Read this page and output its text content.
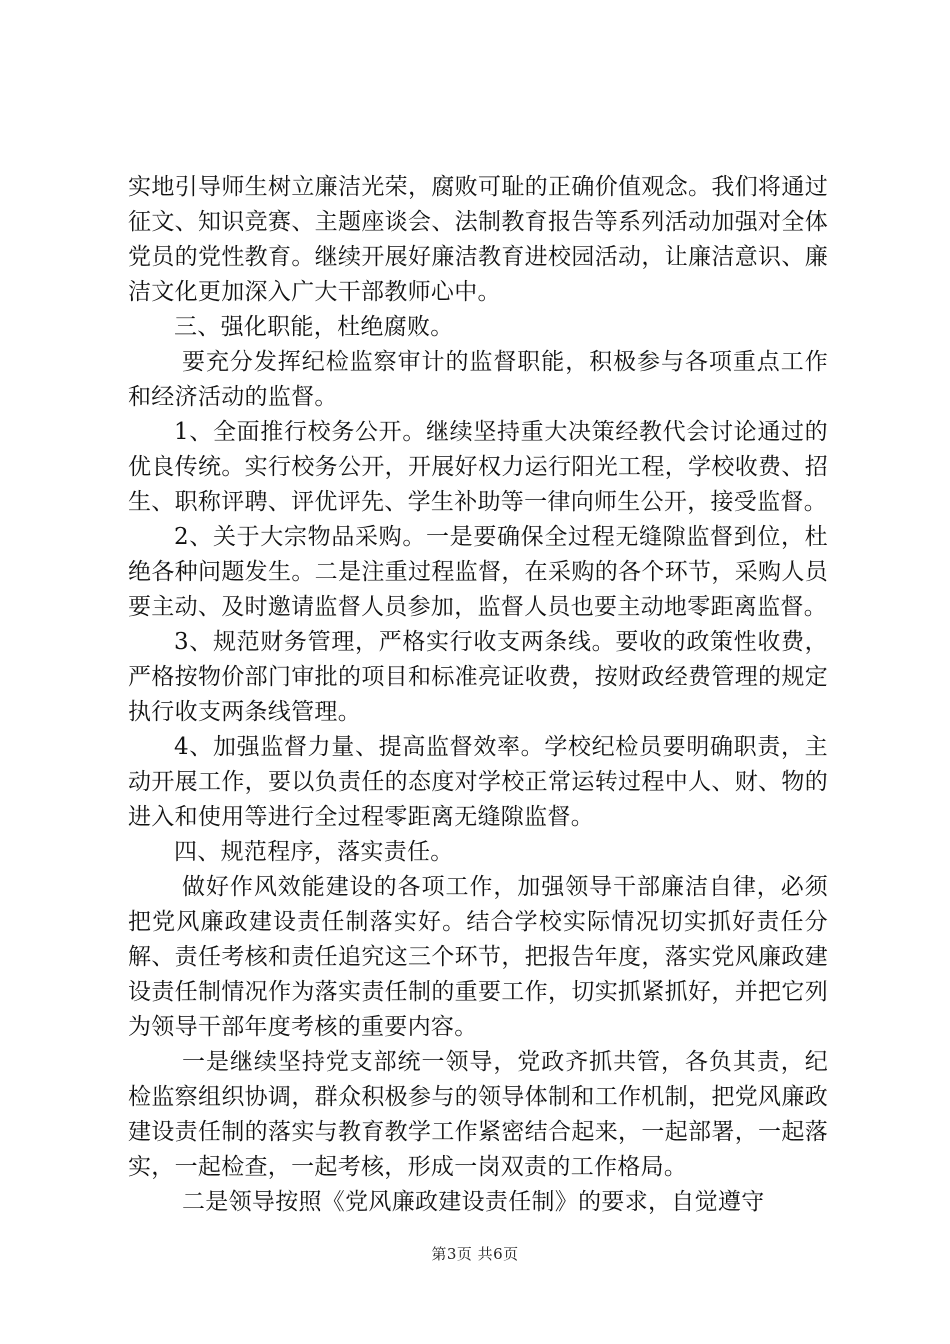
实地引导师生树立廉洁光荣，腐败可耻的正确价值观念。我们将通过征文、知识竞赛、主题座谈会、法制教育报告等系列活动加强对全体党员的党性教育。继续开展好廉洁教育进校园活动，让廉洁意识、廉洁文化更加深入广大干部教师心中。

三、强化职能，杜绝腐败。

要充分发挥纪检监察审计的监督职能，积极参与各项重点工作和经济活动的监督。

1、全面推行校务公开。继续坚持重大决策经教代会讨论通过的优良传统。实行校务公开，开展好权力运行阳光工程，学校收费、招生、职称评聘、评优评先、学生补助等一律向师生公开，接受监督。

2、关于大宗物品采购。一是要确保全过程无缝隙监督到位，杜绝各种问题发生。二是注重过程监督，在采购的各个环节，采购人员要主动、及时邀请监督人员参加，监督人员也要主动地零距离监督。

3、规范财务管理，严格实行收支两条线。要收的政策性收费，严格按物价部门审批的项目和标准亮证收费，按财政经费管理的规定执行收支两条线管理。

4、加强监督力量、提高监督效率。学校纪检员要明确职责，主动开展工作，要以负责任的态度对学校正常运转过程中人、财、物的进入和使用等进行全过程零距离无缝隙监督。

四、规范程序，落实责任。

做好作风效能建设的各项工作，加强领导干部廉洁自律，必须把党风廉政建设责任制落实好。结合学校实际情况切实抓好责任分解、责任考核和责任追究这三个环节，把报告年度，落实党风廉政建设责任制情况作为落实责任制的重要工作，切实抓紧抓好，并把它列为领导干部年度考核的重要内容。

一是继续坚持党支部统一领导，党政齐抓共管，各负其责，纪检监察组织协调，群众积极参与的领导体制和工作机制，把党风廉政建设责任制的落实与教育教学工作紧密结合起来，一起部署，一起落实，一起检查，一起考核，形成一岗双责的工作格局。

二是领导按照《党风廉政建设责任制》的要求，自觉遵守

第3页 共6页
